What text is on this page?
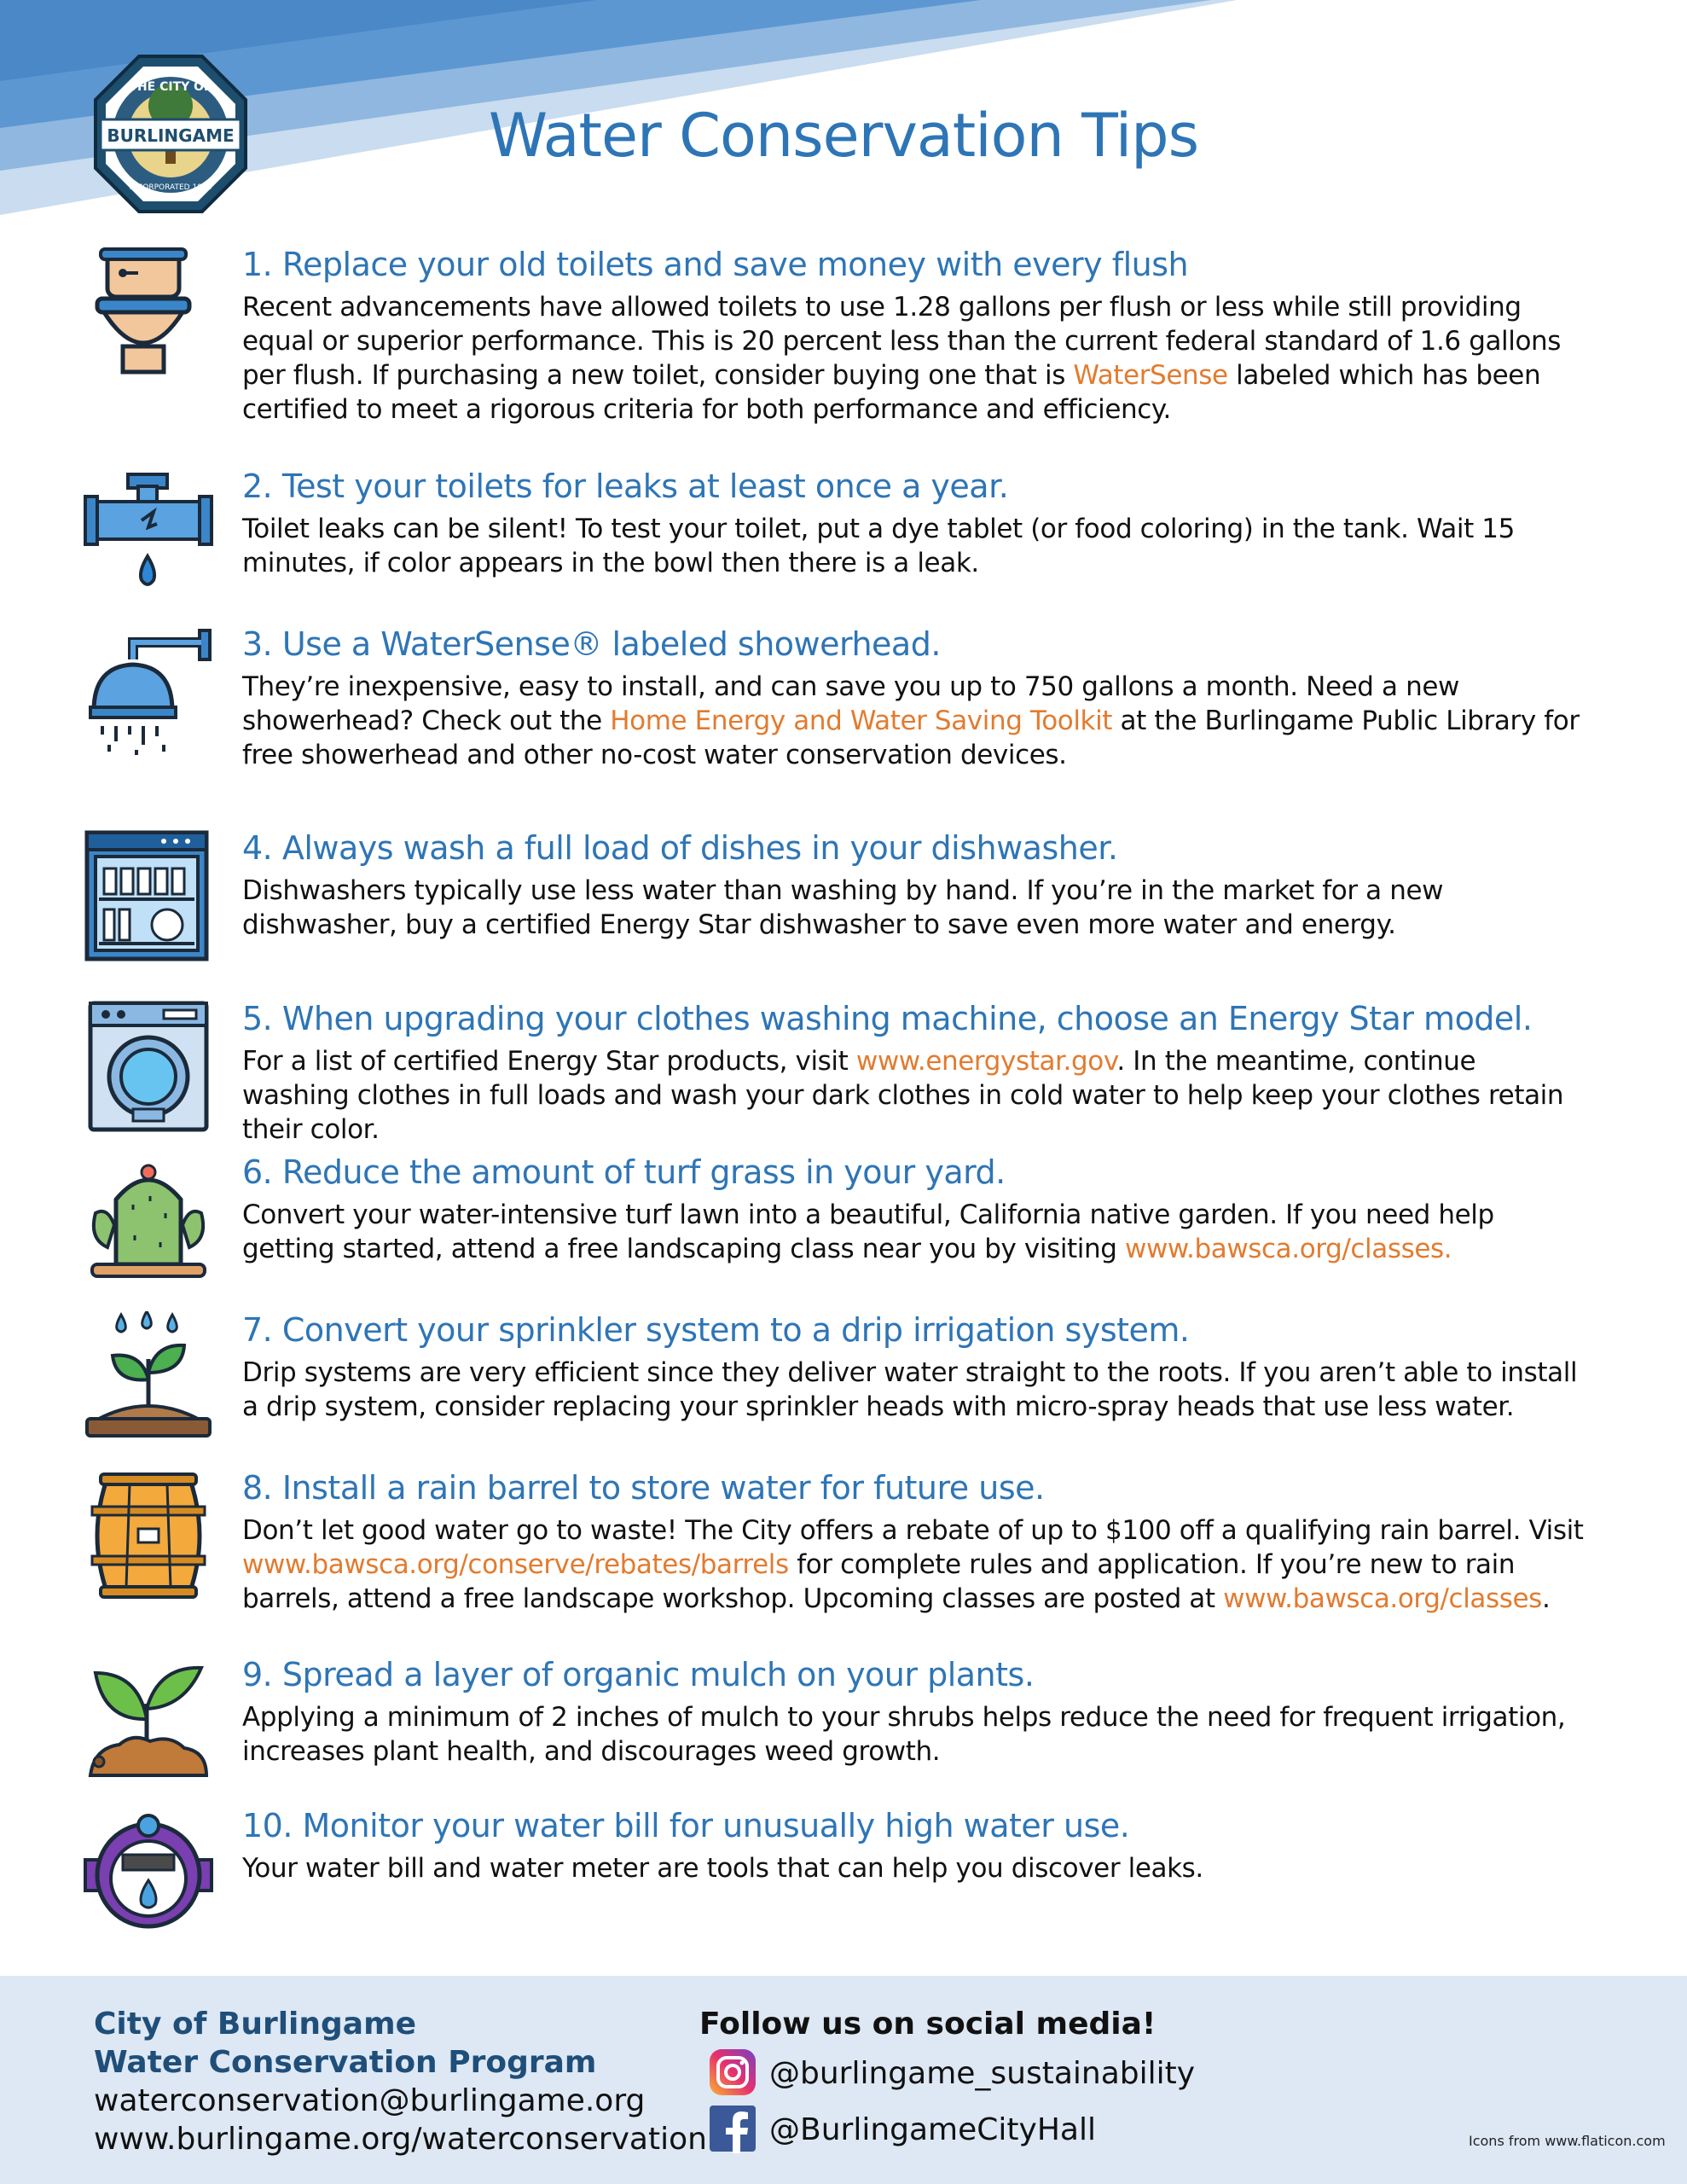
BURLINGAME
THE CITY OF
INCORPORATED 1908
Water Conservation Tips
1. Replace your old toilets and save money with every flush

Recent advancements have allowed toilets to use 1.28 gallons per flush or less while still providing equal or superior performance. This is 20 percent less than the current federal standard of 1.6 gallons per flush. If purchasing a new toilet, consider buying one that is WaterSense labeled which has been certified to meet a rigorous criteria for both performance and efficiency.

2. Test your toilets for leaks at least once a year.

Toilet leaks can be silent! To test your toilet, put a dye tablet (or food coloring) in the tank. Wait 15 minutes, if color appears in the bowl then there is a leak.

3. Use a WaterSense® labeled showerhead.

They’re inexpensive, easy to install, and can save you up to 750 gallons a month. Need a new showerhead? Check out the Home Energy and Water Saving Toolkit at the Burlingame Public Library for free showerhead and other no-cost water conservation devices.

4. Always wash a full load of dishes in your dishwasher.

Dishwashers typically use less water than washing by hand. If you’re in the market for a new dishwasher, buy a certified Energy Star dishwasher to save even more water and energy.

5. When upgrading your clothes washing machine, choose an Energy Star model.

For a list of certified Energy Star products, visit www.energystar.gov. In the meantime, continue washing clothes in full loads and wash your dark clothes in cold water to help keep your clothes retain their color.

6. Reduce the amount of turf grass in your yard.

Convert your water-intensive turf lawn into a beautiful, California native garden. If you need help getting started, attend a free landscaping class near you by visiting www.bawsca.org/classes.

7. Convert your sprinkler system to a drip irrigation system.

Drip systems are very efficient since they deliver water straight to the roots. If you aren’t able to install a drip system, consider replacing your sprinkler heads with micro-spray heads that use less water.

8. Install a rain barrel to store water for future use.

Don’t let good water go to waste! The City offers a rebate of up to $100 off a qualifying rain barrel. Visit www.bawsca.org/conserve/rebates/barrels for complete rules and application. If you’re new to rain barrels, attend a free landscape workshop. Upcoming classes are posted at www.bawsca.org/classes.

9. Spread a layer of organic mulch on your plants.

Applying a minimum of 2 inches of mulch to your shrubs helps reduce the need for frequent irrigation, increases plant health, and discourages weed growth.

10. Monitor your water bill for unusually high water use.

Your water bill and water meter are tools that can help you discover leaks.

City of Burlingame
Water Conservation Program
waterconservation@burlingame.org
www.burlingame.org/waterconservation
Follow us on social media!
@burlingame_sustainability
@BurlingameCityHall	Icons from www.flaticon.com
